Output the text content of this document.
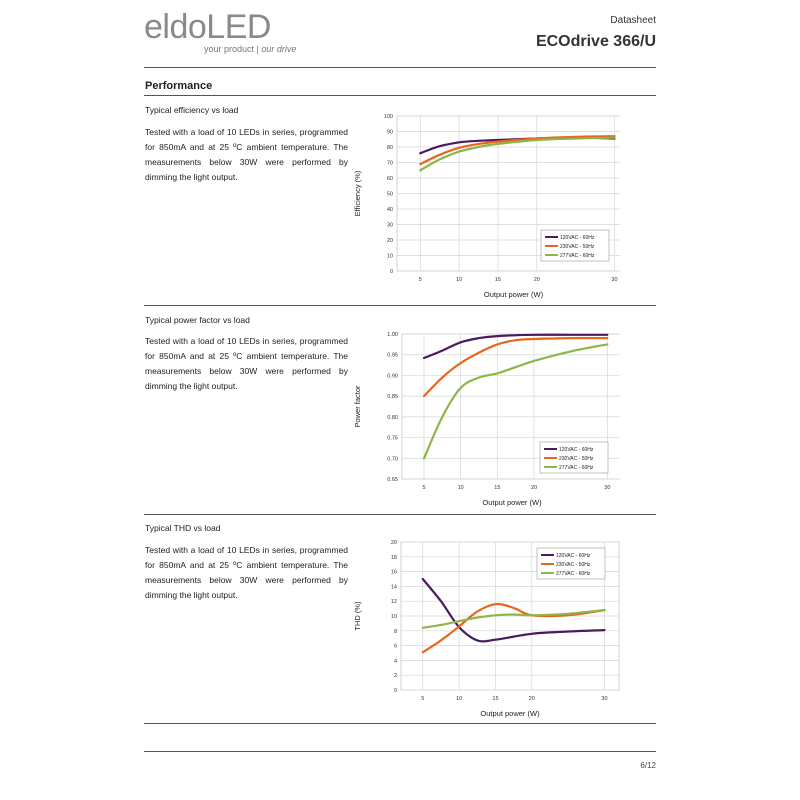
eldoLED
your product | our drive
Datasheet
ECOdrive 366/U
Performance
Typical efficiency vs load
Tested with a load of 10 LEDs in series, programmed for 850mA and at 25 ºC ambient temperature. The measurements below 30W were performed by dimming the light output.
0
10
20
30
40
50
60
70
80
90
100
5	10	15	20	30
Output power (W)
Efficiency (%)
120VAC - 60Hz
230VAC - 50Hz
277VAC - 60Hz
Typical power factor vs load
Tested with a load of 10 LEDs in series, programmed for 850mA and at 25 ºC ambient temperature. The measurements below 30W were performed by dimming the light output.
0.65
0.70
0.75
0.80
0.85
0.90
0.95
1.00
5	10	15	20	30
Output power (W)
Power factor
120VAC - 60Hz
230VAC - 50Hz
277VAC - 60Hz
Typical THD vs load
Tested with a load of 10 LEDs in series, programmed for 850mA and at 25 ºC ambient temperature. The measurements below 30W were performed by dimming the light output.
0
2
4
6
8
10
12
14
16
18
20
5	10	15	20	30
Output power (W)
THD (%)
120VAC - 60Hz
230VAC - 50Hz
277VAC - 60Hz
6/12
